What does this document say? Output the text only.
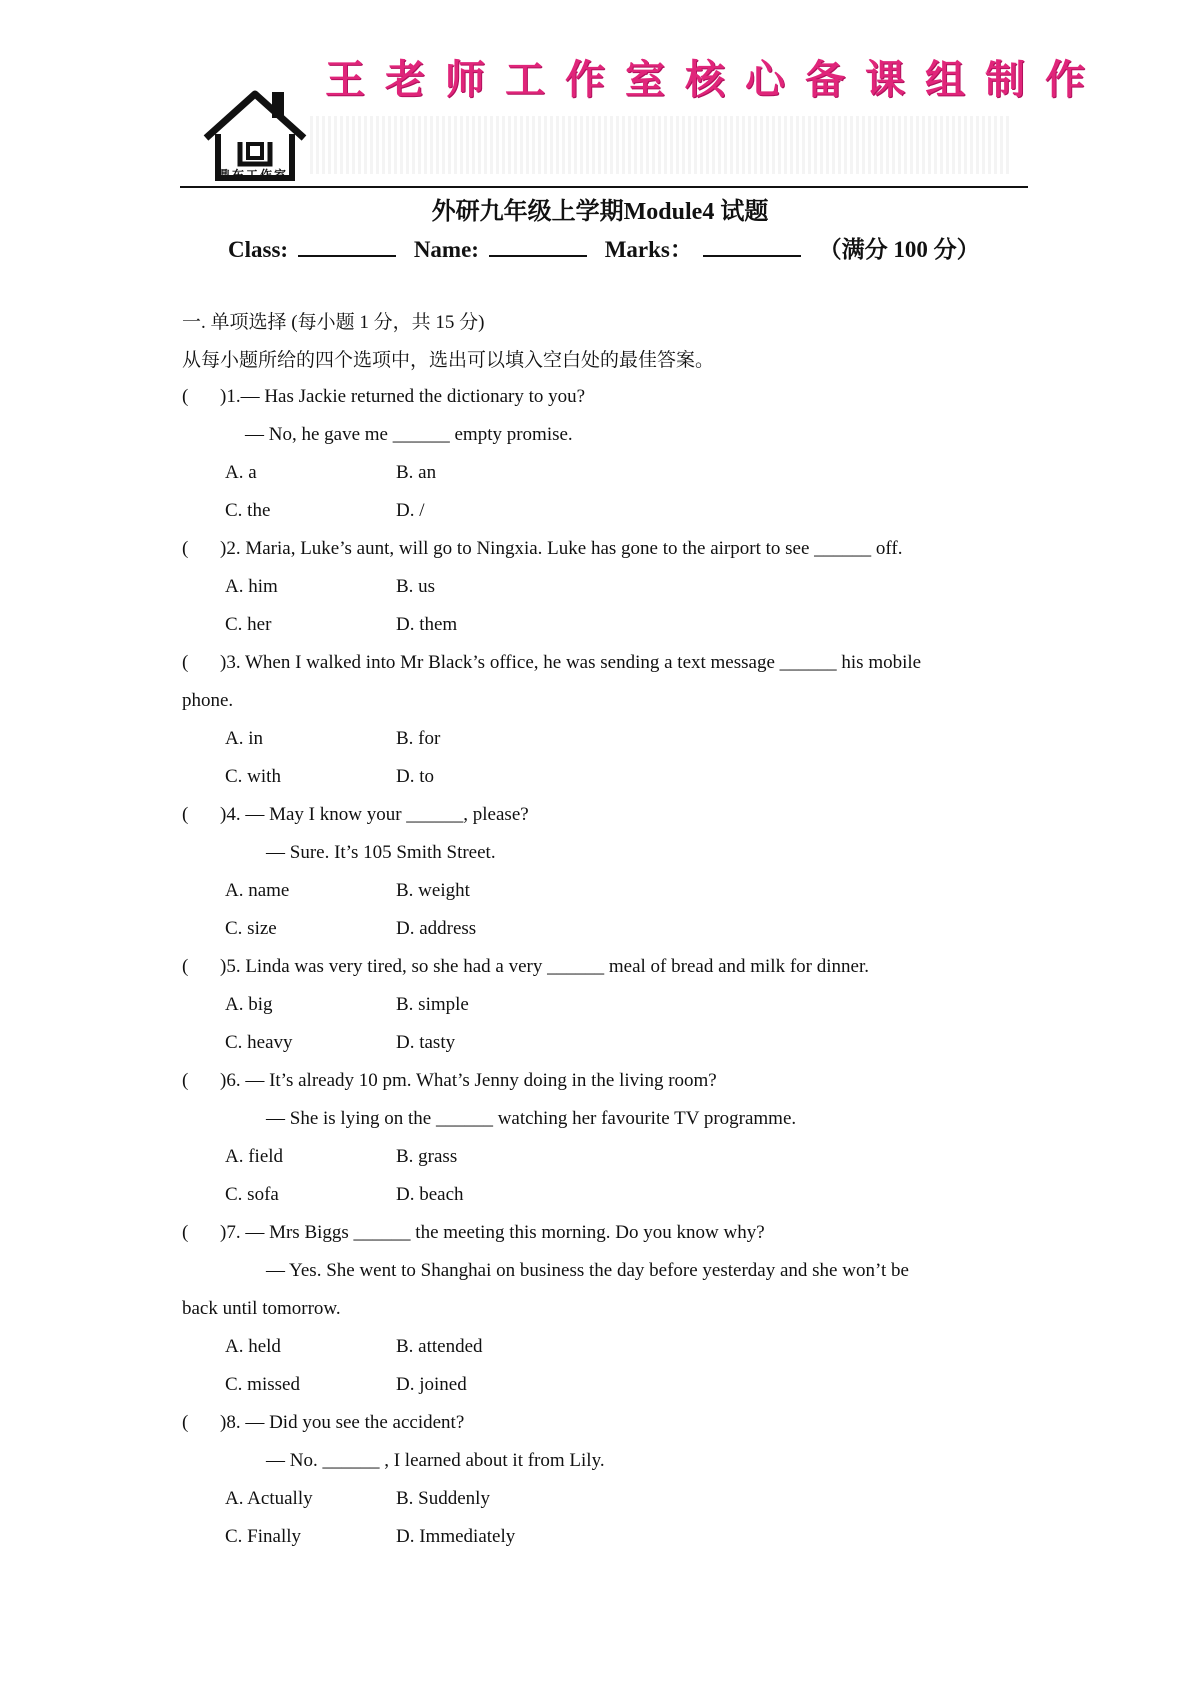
鼎东工作室
王老师工作室核心备课组制作
外研九年级上学期Module4 试题
Class:	Name:	Marks：	（满分 100 分）
一. 单项选择 (每小题 1 分，共 15 分)
从每小题所给的四个选项中，选出可以填入空白处的最佳答案。
( )1.— Has Jackie returned the dictionary to you?
— No, he gave me ______ empty promise.
A. a	B. an
C. the	D. /
( )2. Maria, Luke’s aunt, will go to Ningxia. Luke has gone to the airport to see ______ off.
A. him	B. us
C. her	D. them
( )3. When I walked into Mr Black’s office, he was sending a text message ______ his mobile
phone.
A. in	B. for
C. with	D. to
( )4. — May I know your ______, please?
— Sure. It’s 105 Smith Street.
A. name	B. weight
C. size	D. address
( )5. Linda was very tired, so she had a very ______ meal of bread and milk for dinner.
A. big	B. simple
C. heavy	D. tasty
( )6. — It’s already 10 pm. What’s Jenny doing in the living room?
— She is lying on the ______ watching her favourite TV programme.
A. field	B. grass
C. sofa	D. beach
( )7. — Mrs Biggs ______ the meeting this morning. Do you know why?
— Yes. She went to Shanghai on business the day before yesterday and she won’t be
back until tomorrow.
A. held	B. attended
C. missed	D. joined
( )8. — Did you see the accident?
— No. ______ , I learned about it from Lily.
A. Actually	B. Suddenly
C. Finally	D. Immediately
